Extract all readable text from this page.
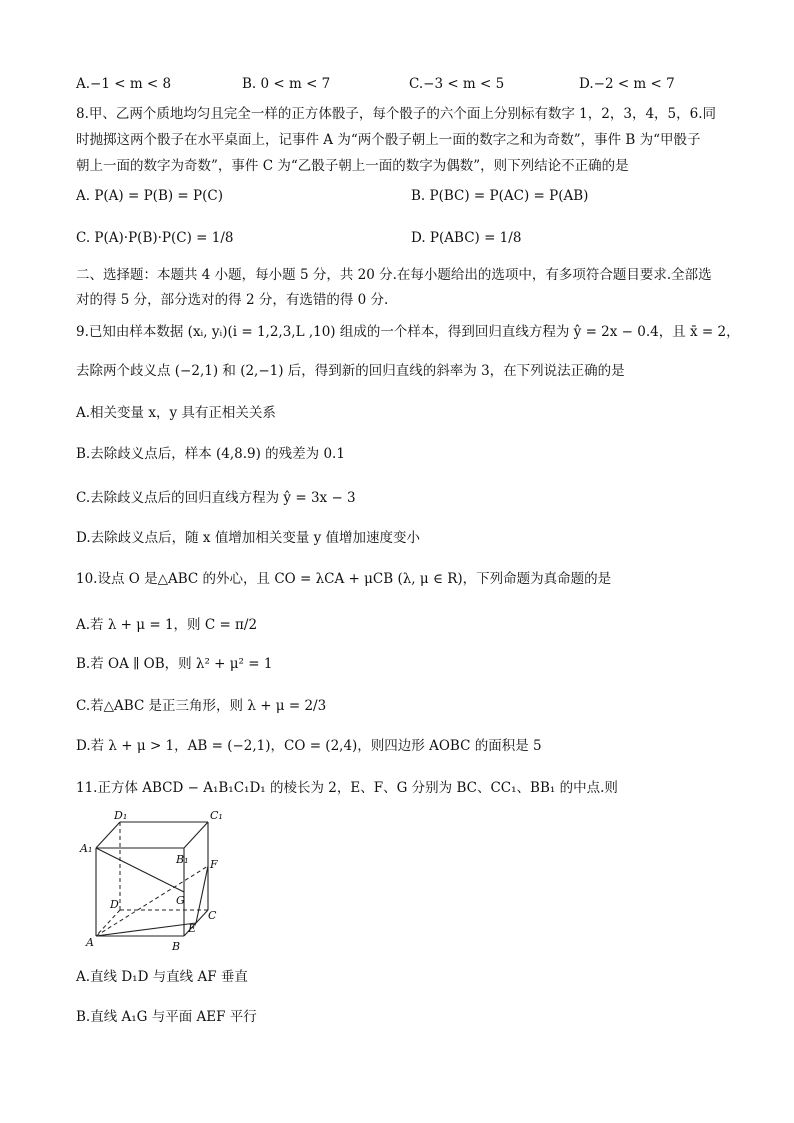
A.−1 < m < 8	B. 0 < m < 7	C.−3 < m < 5	D.−2 < m < 7
8.甲、乙两个质地均匀且完全一样的正方体骰子，每个骰子的六个面上分别标有数字 1，2，3，4，5，6.同
时抛掷这两个骰子在水平桌面上，记事件 A 为“两个骰子朝上一面的数字之和为奇数”，事件 B 为“甲骰子
朝上一面的数字为奇数”，事件 C 为“乙骰子朝上一面的数字为偶数”，则下列结论不正确的是
A. P(A) = P(B) = P(C)	B. P(BC) = P(AC) = P(AB)
C. P(A)·P(B)·P(C) = 1/8	D. P(ABC) = 1/8
二、选择题：本题共 4 小题，每小题 5 分，共 20 分.在每小题给出的选项中，有多项符合题目要求.全部选
对的得 5 分，部分选对的得 2 分，有选错的得 0 分.
9.已知由样本数据 (xᵢ, yᵢ)(i = 1,2,3,L ,10) 组成的一个样本，得到回归直线方程为 ŷ = 2x − 0.4，且 x̄ = 2，
去除两个歧义点 (−2,1) 和 (2,−1) 后，得到新的回归直线的斜率为 3，在下列说法正确的是
A.相关变量 x，y 具有正相关关系
B.去除歧义点后，样本 (4,8.9) 的残差为 0.1
C.去除歧义点后的回归直线方程为 ŷ = 3x − 3
D.去除歧义点后，随 x 值增加相关变量 y 值增加速度变小
10.设点 O 是△ABC 的外心，且 CO = λCA + μCB (λ, μ ∈ R)，下列命题为真命题的是
A.若 λ + μ = 1，则 C = π/2
B.若 OA ∥ OB，则 λ² + μ² = 1
C.若△ABC 是正三角形，则 λ + μ = 2/3
D.若 λ + μ > 1，AB = (−2,1)，CO = (2,4)，则四边形 AOBC 的面积是 5
11.正方体 ABCD − A₁B₁C₁D₁ 的棱长为 2，E、F、G 分别为 BC、CC₁、BB₁ 的中点.则
D₁	C₁
A₁
B₁ F
G
D
C
E
A	B
A.直线 D₁D 与直线 AF 垂直
B.直线 A₁G 与平面 AEF 平行
